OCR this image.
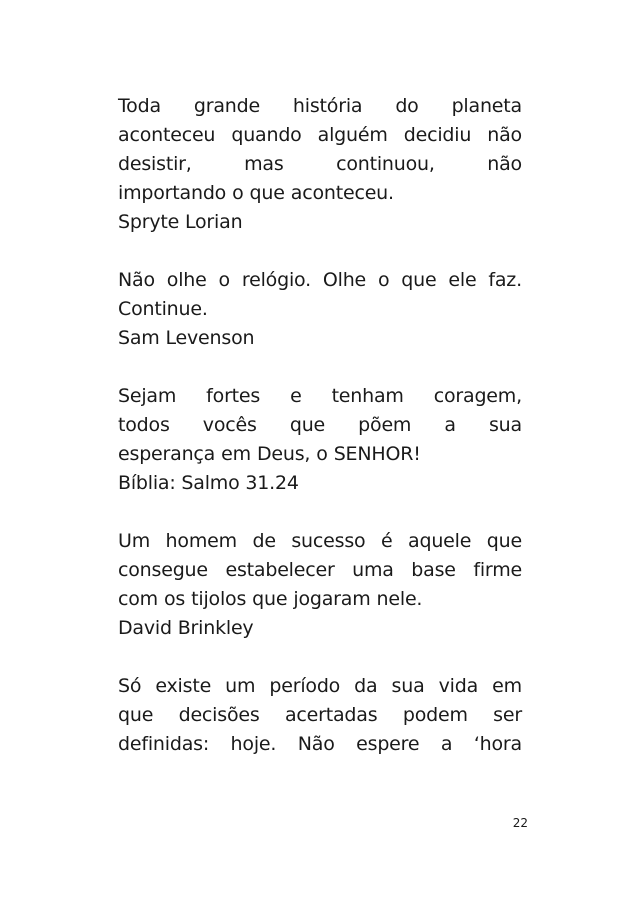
Toda grande história do planeta
aconteceu quando alguém decidiu não
desistir,	mas	continuou,	não
importando o que aconteceu.

Spryte Lorian

Não olhe o relógio. Olhe o que ele faz.
Continue.

Sam Levenson

Sejam fortes e tenham coragem,
todos vocês que põem a sua
esperança em Deus, o SENHOR!

Bíblia: Salmo 31.24

Um homem de sucesso é aquele que
consegue estabelecer uma base firme
com os tijolos que jogaram nele.

David Brinkley

Só existe um período da sua vida em
que decisões acertadas podem ser
definidas: hoje. Não espere a ‘hora

22
